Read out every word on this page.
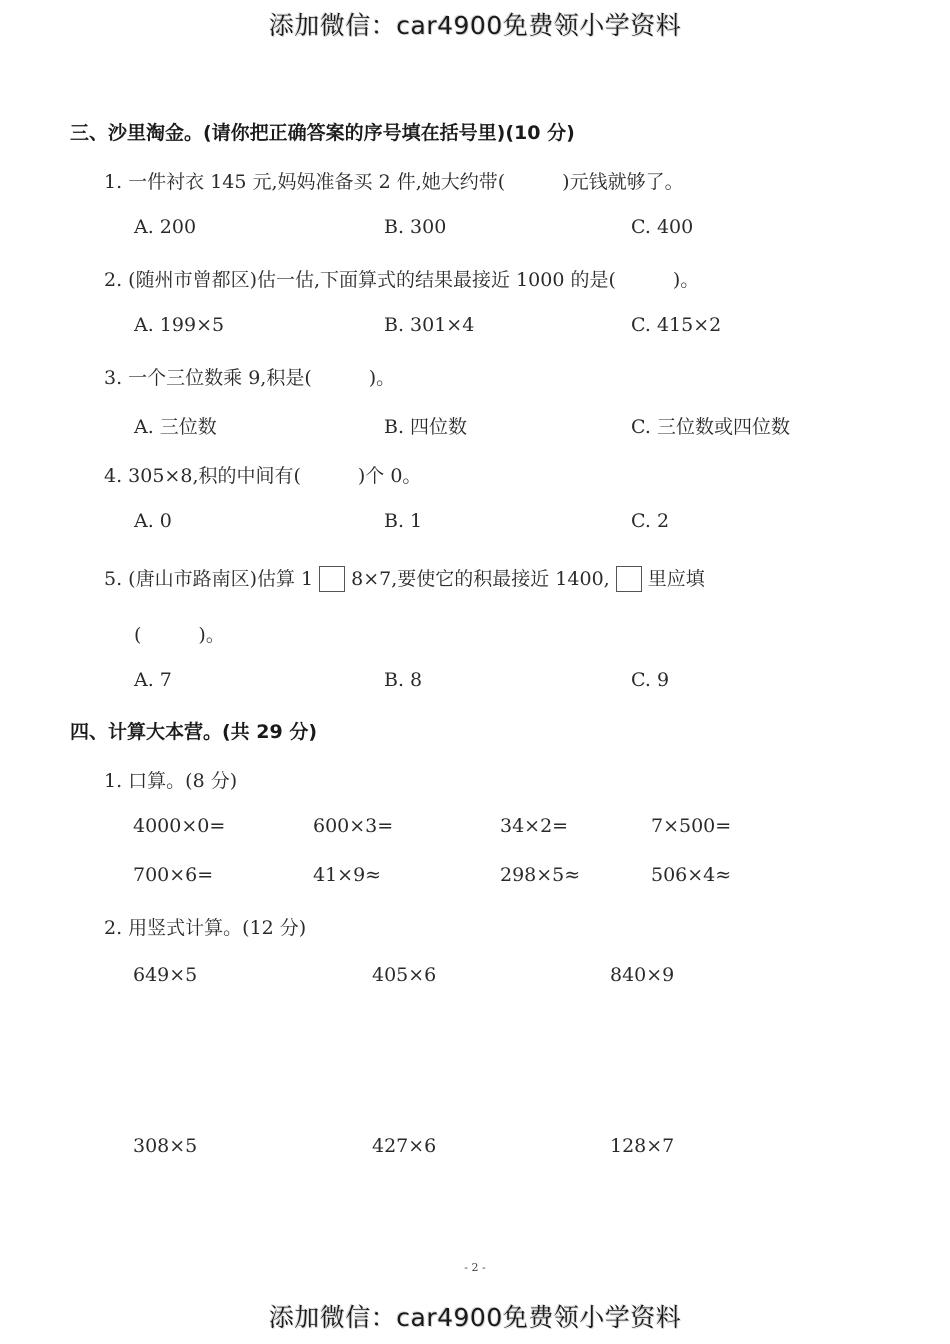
添加微信：car4900免费领小学资料
三、沙里淘金。(请你把正确答案的序号填在括号里)(10 分)
1. 一件衬衣 145 元,妈妈准备买 2 件,她大约带(　　　)元钱就够了。
A. 200	B. 300	C. 400
2. (随州市曾都区)估一估,下面算式的结果最接近 1000 的是(　　　)。
A. 199×5	B. 301×4	C. 415×2
3. 一个三位数乘 9,积是(　　　)。
A. 三位数	B. 四位数	C. 三位数或四位数
4. 305×8,积的中间有(　　　)个 0。
A. 0	B. 1	C. 2
5. (唐山市路南区)估算 1 8×7,要使它的积最接近 1400, 里应填
(　　　)。
A. 7	B. 8	C. 9
四、计算大本营。(共 29 分)
1. 口算。(8 分)
4000×0=	600×3=	34×2=	7×500=
700×6=	41×9≈	298×5≈	506×4≈
2. 用竖式计算。(12 分)
649×5	405×6	840×9
308×5	427×6	128×7
- 2 -
添加微信：car4900免费领小学资料
